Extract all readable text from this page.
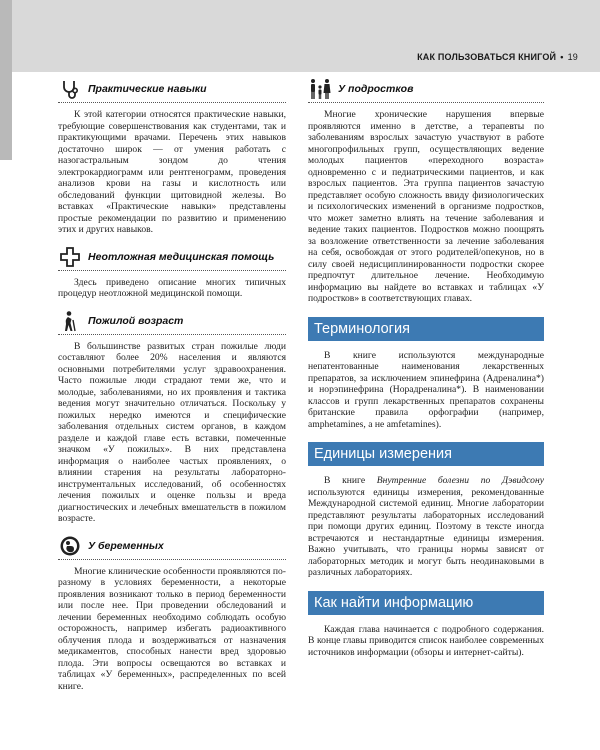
КАК ПОЛЬЗОВАТЬСЯ КНИГОЙ • 19
Практические навыки

К этой категории относятся практические навыки, требующие совершенствования как студентами, так и практикующими врачами. Перечень этих навыков достаточно широк — от умения работать с назогастральным зондом до чтения электрокардиограмм или рентгенограмм, проведения анализов крови на газы и кислотность или обследований функции щитовидной железы. Во вставках «Практические навыки» представлены простые рекомендации по развитию и применению этих и других навыков.

Неотложная медицинская помощь

Здесь приведено описание многих типичных процедур неотложной медицинской помощи.

Пожилой возраст

В большинстве развитых стран пожилые люди составляют более 20% населения и являются основными потребителями услуг здравоохранения. Часто пожилые люди страдают теми же, что и молодые, заболеваниями, но их проявления и тактика ведения могут значительно отличаться. Поскольку у пожилых нередко имеются и специфические заболевания отдельных систем органов, в каждом разделе и каждой главе есть вставки, помеченные значком «У пожилых». В них представлена информация о наиболее частых проявлениях, о влиянии старения на результаты лабораторно-инструментальных исследований, об особенностях лечения пожилых и оценке пользы и вреда диагностических и лечебных вмешательств в пожилом возрасте.

У беременных

Многие клинические особенности проявляются по-разному в условиях беременности, а некоторые проявления возникают только в период беременности или после нее. При проведении обследований и лечении беременных необходимо соблюдать особую осторожность, например избегать радиоактивного облучения плода и воздерживаться от назначения медикаментов, способных нанести вред здоровью плода. Эти вопросы освещаются во вставках и таблицах «У беременных», распределенных по всей книге.

У подростков

Многие хронические нарушения впервые проявляются именно в детстве, а терапевты по заболеваниям взрослых зачастую участвуют в работе многопрофильных групп, осуществляющих ведение молодых пациентов «переходного возраста» одновременно с и педиатрическими пациентов, и как взрослых пациентов. Эта группа пациентов зачастую представляет особую сложность ввиду физиологических и психологических изменений в организме подростков, что может заметно влиять на течение заболевания и ведение таких пациентов. Подростков можно поощрять за возложение ответственности за лечение заболевания на себя, освобождая от этого родителей/опекунов, но в силу своей недисциплинированности подростки скорее предпочтут длительное лечение. Необходимую информацию вы найдете во вставках и таблицах «У подростков» в соответствующих главах.

Терминология

В книге используются международные непатентованные наименования лекарственных препаратов, за исключением эпинефрина (Адреналина*) и норэпинефрина (Норадреналина*). В наименовании классов и групп лекарственных препаратов сохранены британские правила орфографии (например, amphetamines, а не amfetamines).

Единицы измерения

В книге Внутренние болезни по Дэвидсону используются единицы измерения, рекомендованные Международной системой единиц. Многие лаборатории представляют результаты лабораторных исследований при помощи других единиц. Поэтому в тексте иногда встречаются и нестандартные единицы измерения. Важно учитывать, что границы нормы зависят от лабораторных методик и могут быть неодинаковыми в различных лабораториях.

Как найти информацию

Каждая глава начинается с подробного содержания. В конце главы приводится список наиболее современных источников информации (обзоры и интернет-сайты).
